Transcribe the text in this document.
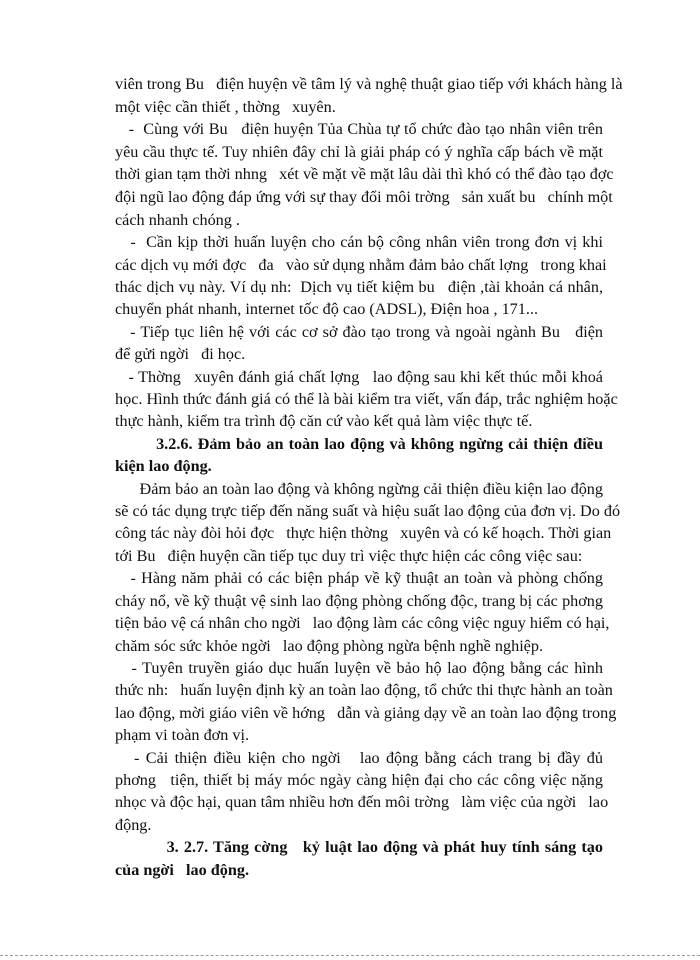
viên trong Bu   điện huyện về tâm lý và nghệ thuật giao tiếp với khách hàng là
một việc cần thiết , thờng   xuyên.
-  Cùng với Bu   điện huyện Tủa Chùa tự tổ chức đào tạo nhân viên trên
yêu cầu thực tế. Tuy nhiên đây chỉ là giải pháp có ý nghĩa cấp bách về mặt
thời gian tạm thời nhng   xét về mặt về mặt lâu dài thì khó có thể đào tạo đợc
đội ngũ lao động đáp ứng với sự thay đổi môi trờng   sản xuất bu   chính một
cách nhanh chóng .
-  Cần kịp thời huấn luyện cho cán bộ công nhân viên trong đơn vị khi
các dịch vụ mới đợc   đa   vào sử dụng nhằm đảm bảo chất lợng   trong khai
thác dịch vụ này. Ví dụ nh:  Dịch vụ tiết kiệm bu   điện ,tài khoản cá nhân,
chuyển phát nhanh, internet tốc độ cao (ADSL), Điện hoa , 171...
- Tiếp tục liên hệ với các cơ sở đào tạo trong và ngoài ngành Bu   điện
để gửi ngời   đi học.
- Thờng   xuyên đánh giá chất lợng   lao động sau khi kết thúc mỗi khoá
học. Hình thức đánh giá có thể là bài kiểm tra viết, vấn đáp, trắc nghiệm hoặc
thực hành, kiểm tra trình độ căn cứ vào kết quả làm việc thực tế.
3.2.6. Đảm bảo an toàn lao động và không ngừng cải thiện điều
kiện lao động.
Đảm bảo an toàn lao động và không ngừng cải thiện điều kiện lao động
sẽ có tác dụng trực tiếp đến năng suất và hiệu suất lao động của đơn vị. Do đó
công tác này đòi hỏi đợc   thực hiện thờng   xuyên và có kế hoạch. Thời gian
tới Bu   điện huyện cần tiếp tục duy trì việc thực hiện các công việc sau:
- Hàng năm phải có các biện pháp về kỹ thuật an toàn và phòng chống
cháy nổ, về kỹ thuật vệ sinh lao động phòng chống độc, trang bị các phơng
tiện bảo vệ cá nhân cho ngời   lao động làm các công việc nguy hiểm có hại,
chăm sóc sức khỏe ngời   lao động phòng ngừa bệnh nghề nghiệp.
- Tuyên truyền giáo dục huấn luyện về bảo hộ lao động bằng các hình
thức nh:   huấn luyện định kỳ an toàn lao động, tổ chức thi thực hành an toàn
lao động, mời giáo viên về hớng   dẫn và giảng dạy về an toàn lao động trong
phạm vi toàn đơn vị.
- Cải thiện điều kiện cho ngời   lao động bằng cách trang bị đầy đủ
phơng   tiện, thiết bị máy móc ngày càng hiện đại cho các công việc nặng
nhọc và độc hại, quan tâm nhiều hơn đến môi trờng   làm việc của ngời   lao
động.
3. 2.7. Tăng cờng   kỷ luật lao động và phát huy tính sáng tạo
của ngời   lao động.
